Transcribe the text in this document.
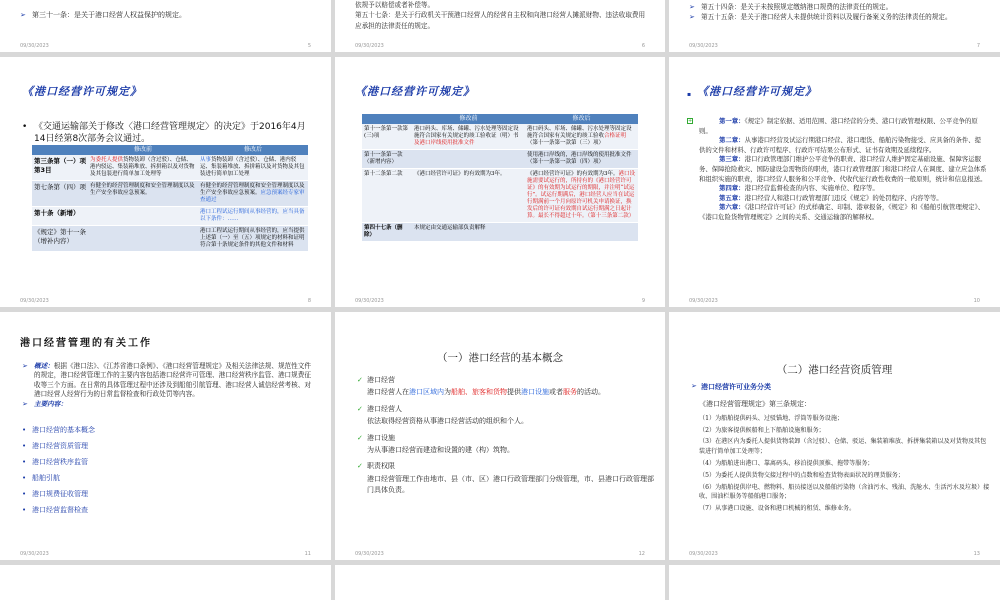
➢ 第三十一条：是关于港口经营人权益保护的规定。
09/30/2023	5
依规予以赔偿或者补偿等。
第五十七条：是关于行政机关干预港口经营人的经营自主权和向港口经营人摊派财物、违法收取费用应承担的法律责任的规定。
09/30/2023	6
➢ 第五十四条：是关于未按照规定缴纳港口规费的法律责任的规定。
➢ 第五十五条：是关于港口经营人未提供统计资料以及履行备案义务的法律责任的规定。
09/30/2023	7
《港口经营许可规定》
• 《交通运输部关于修改〈港口经营管理规定〉的决定》于2016年4月14日经第8次部务会议通过。
	修改前	修改后
第三条第（一）项第3目	为委托人提供货物装卸（含过驳）、仓储、港内驳运、集装箱堆放、拆拼箱以及对货物及其包装进行简单加工处理等	从事货物装卸（含过驳）、仓储、港内驳运、集装箱堆放、拆拼箱以及对货物及其包装进行简单加工处理
第七条第（四）项	有健全的经营管理制度和安全管理制度以及生产安全事故应急预案。	有健全的经营管理制度和安全管理制度以及生产安全事故应急预案。应急预案经专家审查通过
第十条（新增）		港口工程试运行期间从事经营的，应当具备以下条件：……
《规定》第十一条（增补内容）		港口工程试运行期间从事经营的，应当提供上述第（一）至（五）项规定的材料和证明符合第十条规定条件的其他文件和材料
09/30/2023	8
《港口经营许可规定》
	修改前	修改后
第十一条第一款第(三)项	港口码头、库场、储罐、污水处理等固定设施符合国家有关规定的竣工验收证（明）书及港口岸线使用批准文件	港口码头、库场、储罐、污水处理等固定设施符合国家有关规定的竣工验收合格证明（第十一条第一款第（三）项）
第十一条第一款（新增内容）		使用港口岸线的，港口岸线的使用批准文件（第十一条第一款第（四）项）
第十二条第二款	《港口经营许可证》的有效期为3年。	《港口经营许可证》的有效期为3年。港口设施需要试运行的，所持有的《港口经营许可证》的有效期为试运行的期限，并注明“试运行”。试运行期满后，港口经营人应当在试运行期满前一个月向原许可机关申请换证，换发后的许可证有效期自试运行期满之日起计算。最长不得超过十年。（第十三条第二款）
第四十七条（删除）	本规定由交通运输部负责解释	
09/30/2023	9
▪ 《港口经营许可规定》
+	第一章：《规定》制定依据、适用范围、港口经营的分类、港口行政管理权限、公平竞争的原则。

第二章：从事港口经营及试运行期港口经营、港口理货、船舶污染物接受、应具备的条件、提供的文件和材料、行政许可程序、行政许可结果公布形式、证书有效期及延续程序。

第三章：港口行政管理部门维护公平竞争的职责、港口经营人维护固定基础设施、保障客运服务、保障抢险救灾、国防建设急需物资的职责，港口行政管理部门和港口经营人在调度、建立应急体系和组织实施的职责，港口经营人服务和公平竞争、代收代征行政性收费的一般原则，统计和信息报送。

第四章：港口经营监督检查的内容、实施单位、程序等。

第五章：港口经营人和港口行政管理部门违反《规定》的处罚程序、内容等等。

第六章：《港口经营许可证》的式样确定、印制、港章报备，《规定》和《船舶引航管理规定》、《港口危险货物管理规定》之间的关系、交通运输部的解释权。

09/30/2023	10
港口经营管理的有关工作
➢ 概述：根据《港口法》、《江苏省港口条例》、《港口经营管理规定》及相关法律法规、规范性文件的规定，港口经营管理工作的主要内容包括港口经营许可管理、港口经营秩序监管、港口规费征收等三个方面。在日常的具体管理过程中还涉及到船舶引航管理、港口经营人诚信经营考核、对港口经营人经营行为的日常监督检查和行政处罚等内容。
➢ 主要内容：
• 港口经营的基本概念
• 港口经营资质管理
• 港口经营秩序监管
• 船舶引航
• 港口规费征收管理
• 港口经营监督检查
09/30/2023	11
（一）港口经营的基本概念
✓ 港口经营
港口经营人在港口区域内为船舶、旅客和货物提供港口设施或者服务的活动。
✓ 港口经营人
依法取得经营资格从事港口经营活动的组织和个人。
✓ 港口设施
为从事港口经营而建造和设置的建（构）筑物。
✓ 职责权限
港口经营管理工作由地市、县（市、区）港口行政管理部门分级管理，市、县港口行政管理部门具体负责。
09/30/2023	12
（二）港口经营资质管理
➢ 港口经营许可业务分类
《港口经营管理规定》第三条规定：
（1）为船舶提供码头、过驳锚地、浮筒等服务设施；
（2）为旅客提供候船和上下船舶设施和服务；
（3）在港区内为委托人提供货物装卸（含过驳）、仓储、驳运、集装箱堆放、拆拼集装箱以及对货物及其包装进行简单加工处理等；
（4）为船舶进出港口、靠离码头、移泊提供顶推、拖带等服务；
（5）为委托人提供货物交接过程中的点数和检查货物表面状况的理货服务；
（6）为船舶提供岸电、燃物料、船员接送以及船舶污染物（含油污水、残油、洗舱水、生活污水及垃圾）接收、围油栏服务等船舶港口服务；
（7）从事港口设施、设备和港口机械的租赁、维修业务。
09/30/2023	13
